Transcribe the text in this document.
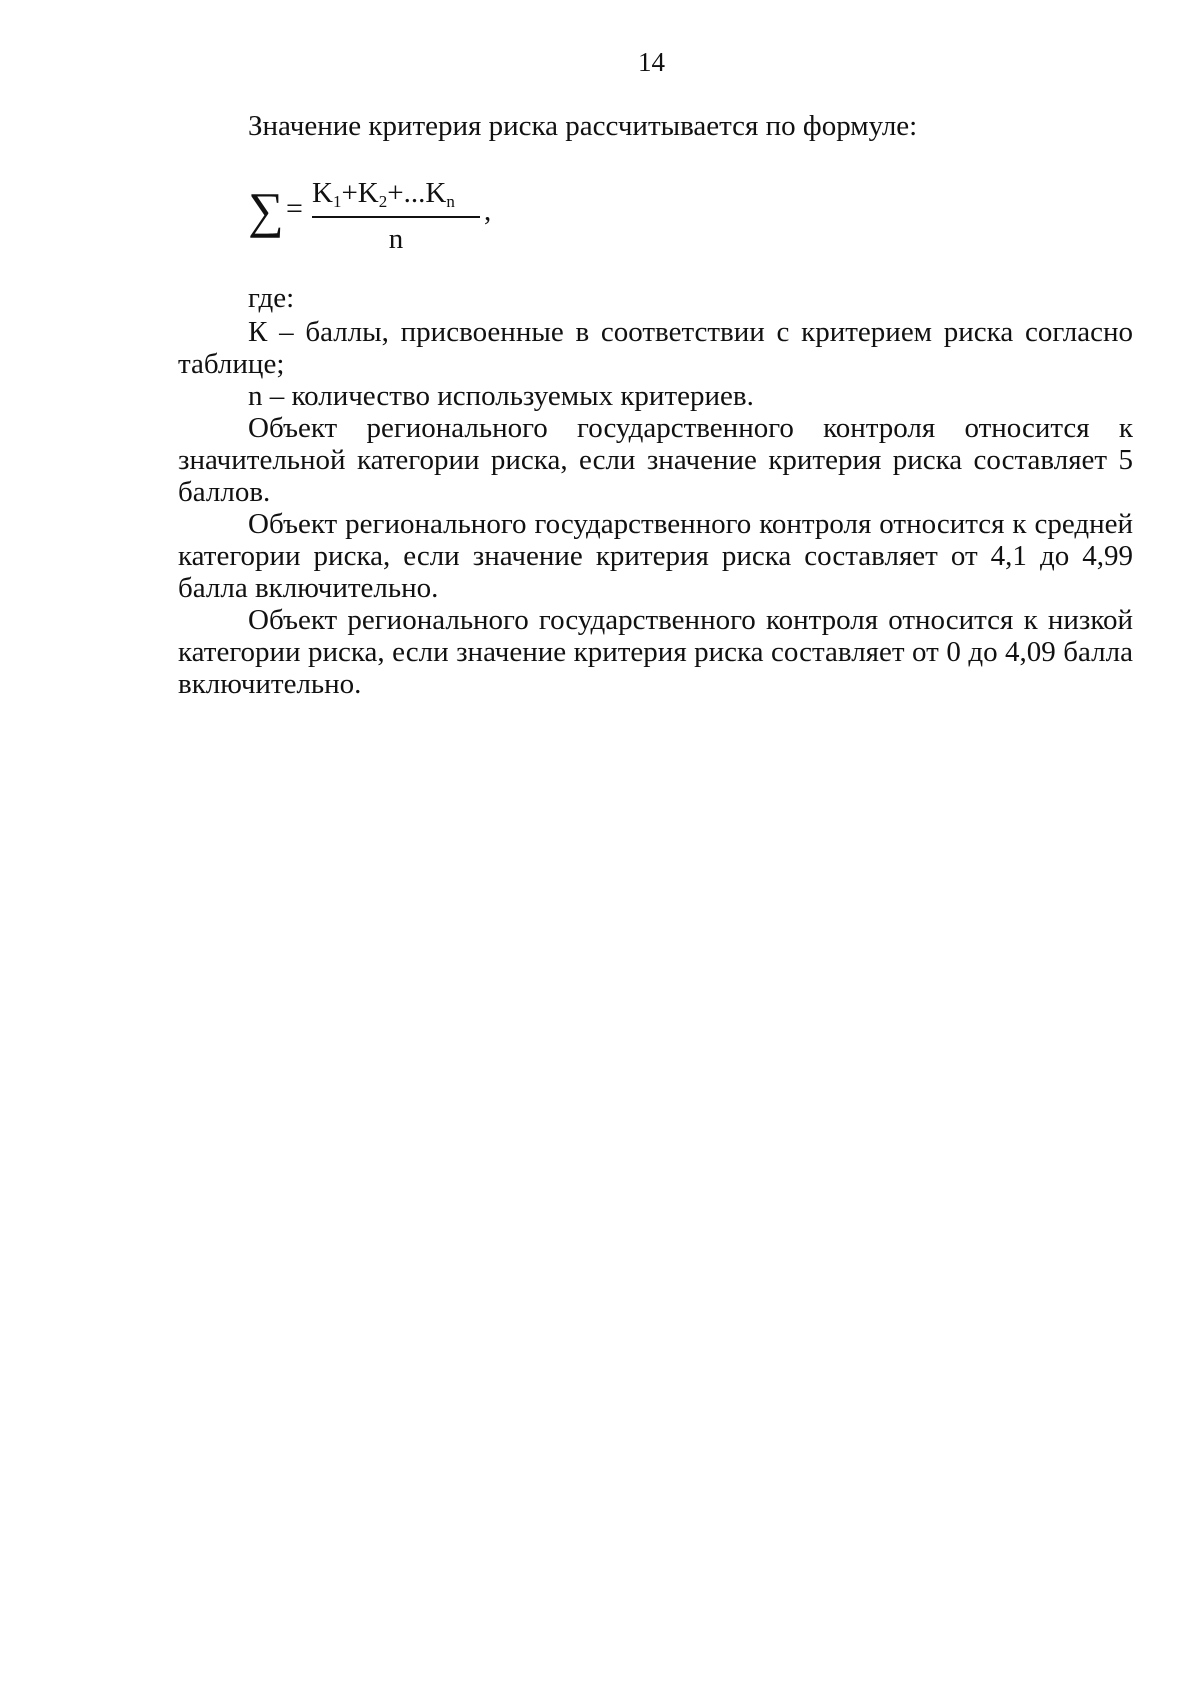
14
Значение критерия риска рассчитывается по формуле:
∑ = $K_1+K_2+...K_n$
n
,

где:

К – баллы, присвоенные в соответствии с критерием риска согласно таблице;

n – количество используемых критериев.

Объект регионального государственного контроля относится к значительной категории риска, если значение критерия риска составляет 5 баллов.

Объект регионального государственного контроля относится к средней категории риска, если значение критерия риска составляет от 4,1 до 4,99 балла включительно.

Объект регионального государственного контроля относится к низкой категории риска, если значение критерия риска составляет от 0 до 4,09 балла включительно.
